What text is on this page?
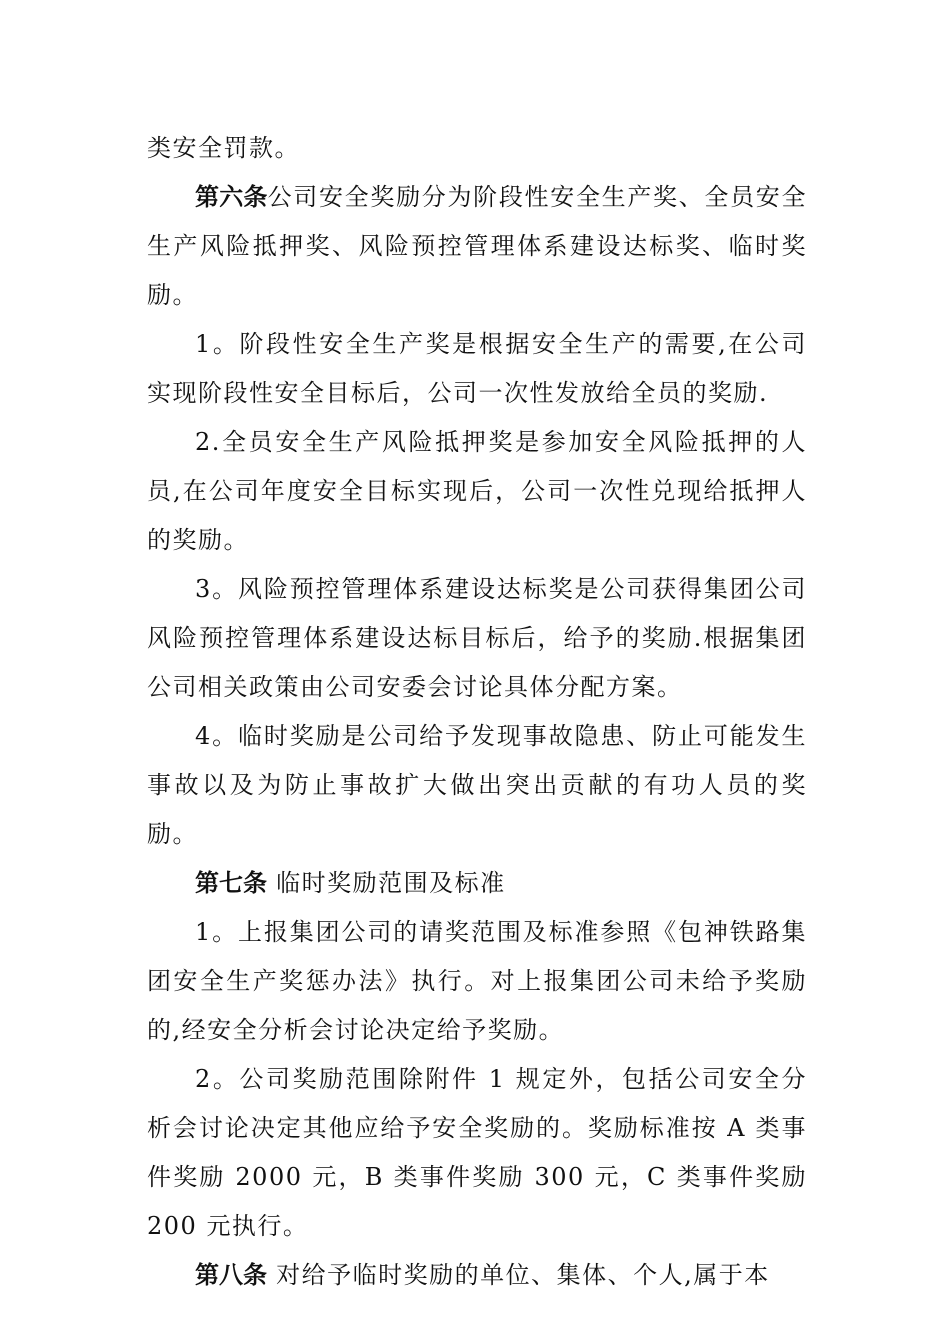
类安全罚款。

第六条公司安全奖励分为阶段性安全生产奖、全员安全生产风险抵押奖、风险预控管理体系建设达标奖、临时奖励。

1。阶段性安全生产奖是根据安全生产的需要,在公司实现阶段性安全目标后，公司一次性发放给全员的奖励.

2.全员安全生产风险抵押奖是参加安全风险抵押的人员,在公司年度安全目标实现后，公司一次性兑现给抵押人的奖励。

3。风险预控管理体系建设达标奖是公司获得集团公司风险预控管理体系建设达标目标后，给予的奖励.根据集团公司相关政策由公司安委会讨论具体分配方案。

4。临时奖励是公司给予发现事故隐患、防止可能发生事故以及为防止事故扩大做出突出贡献的有功人员的奖励。

第七条 临时奖励范围及标准

1。上报集团公司的请奖范围及标准参照《包神铁路集团安全生产奖惩办法》执行。对上报集团公司未给予奖励的,经安全分析会讨论决定给予奖励。

2。公司奖励范围除附件 1 规定外，包括公司安全分析会讨论决定其他应给予安全奖励的。奖励标准按 A 类事件奖励 2000 元，B 类事件奖励 300 元，C 类事件奖励 200 元执行。

第八条 对给予临时奖励的单位、集体、个人,属于本
